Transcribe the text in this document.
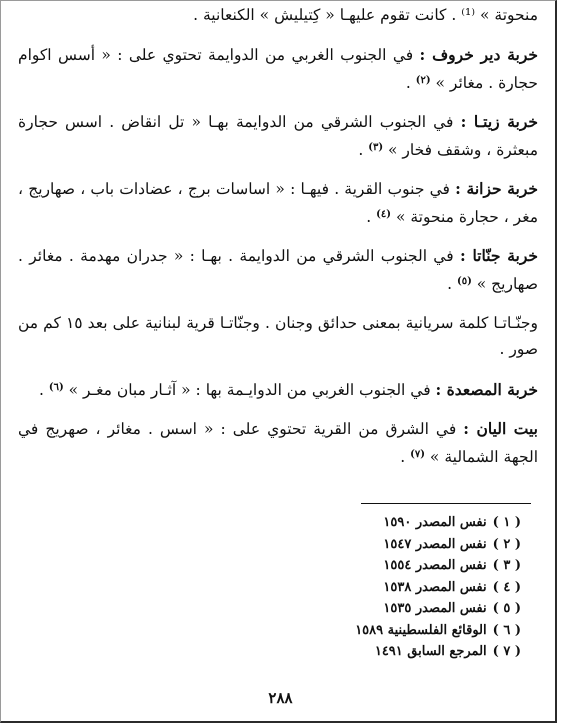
منحوتة » ⁽¹⁾ . كانت تقوم عليهـا « كِتيليش » الكنعانية .

خربة دير خروف : في الجنوب الغربي من الدوايمة تحتوي على : « أسس اكوام حجارة . مغائر » $^{(٢)}$ .

خربة زيتـا : في الجنوب الشرقي من الدوايمة بهـا « تل انقاض . اسس حجارة مبعثرة ، وشقف فخار » $^{(٣)}$ .

خربة حزانة : في جنوب القرية . فيهـا : « اساسات برج ، عضادات باب ، صهاريج ، مغر ، حجارة منحوتة » $^{(٤)}$ .

خربة جنّاتا : في الجنوب الشرقي من الدوايمة . بهـا : « جدران مهدمة . مغائر . صهاريج » $^{(٥)}$ .

وجنّـاتـا كلمة سريانية بمعنى حدائق وجنان . وجنّاتـا قرية لبنانية على بعد ١٥ كم من صور .

خربة المصعدة : في الجنوب الغربي من الدوايـمة بها : « آثـار مبان مغـر » $^{(٦)}$ .

بيت اليان : في الشرق من القرية تحتوي على : « اسس . مغائر ، صهريج في الجهة الشمالية » $^{(٧)}$ .

( ١ )نفس المصدر ١٥٩٠
( ٢ )نفس المصدر ١٥٤٧
( ٣ )نفس المصدر ١٥٥٤
( ٤ )نفس المصدر ١٥٣٨
( ٥ )نفس المصدر ١٥٣٥
( ٦ )الوقائع الفلسطينية ١٥٨٩
( ٧ )المرجع السابق ١٤٩١
٢٨٨
